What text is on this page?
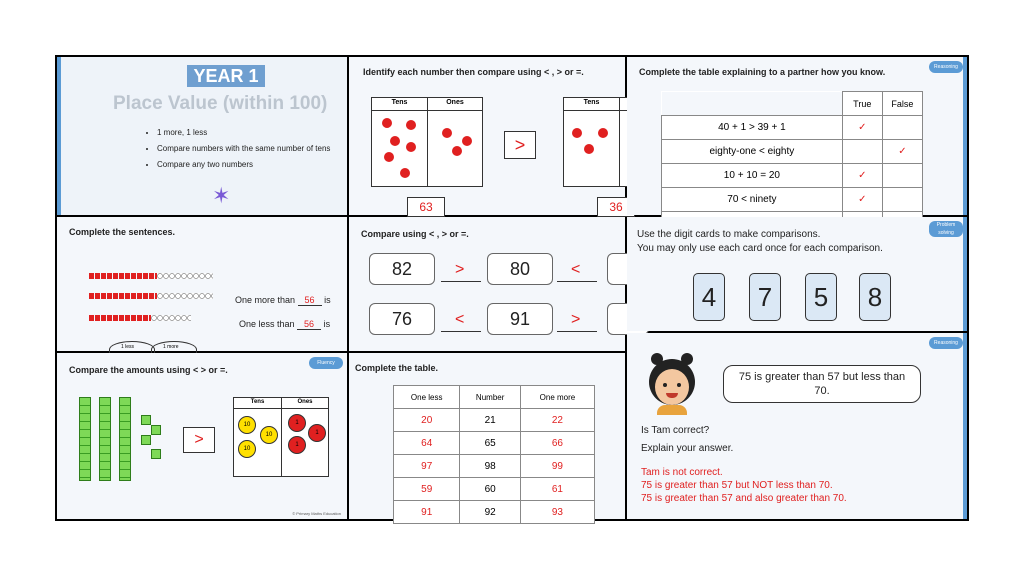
YEAR 1
Place Value (within 100)
• 1 more, 1 less
• Compare numbers with the same number of tens
• Compare any two numbers
✶
Identify each number then compare using < , > or =.
Tens	Ones
>
Tens
63	36
Complete the table explaining to a partner how you know.	Reasoning
	True	False
40 + 1 > 39 + 1	✓	
eighty-one < eighty		✓
10 + 10 = 20	✓	
70 < ninety	✓	

Complete the sentences.
One more than 56 is
One less than 56 is
1 less	1 more
Compare using < , > or =.
82	>	80	<
76	<	91	>
Problem solving
Use the digit cards to make comparisons.
You may only use each card once for each comparison.
4	7	5	8
Compare the amounts using < > or =.
Fluency
>
Tens	Ones
10
10
10
1
1
1
© Primary Maths Education
Complete the table.
One less	Number	One more
20	21	22
64	65	66
97	98	99
59	60	61
91	92	93
Reasoning
75 is greater than 57 but less than 70.
Is Tam correct?
Explain your answer.
Tam is not correct.
75 is greater than 57 but NOT less than 70.
75 is greater than 57 and also greater than 70.
